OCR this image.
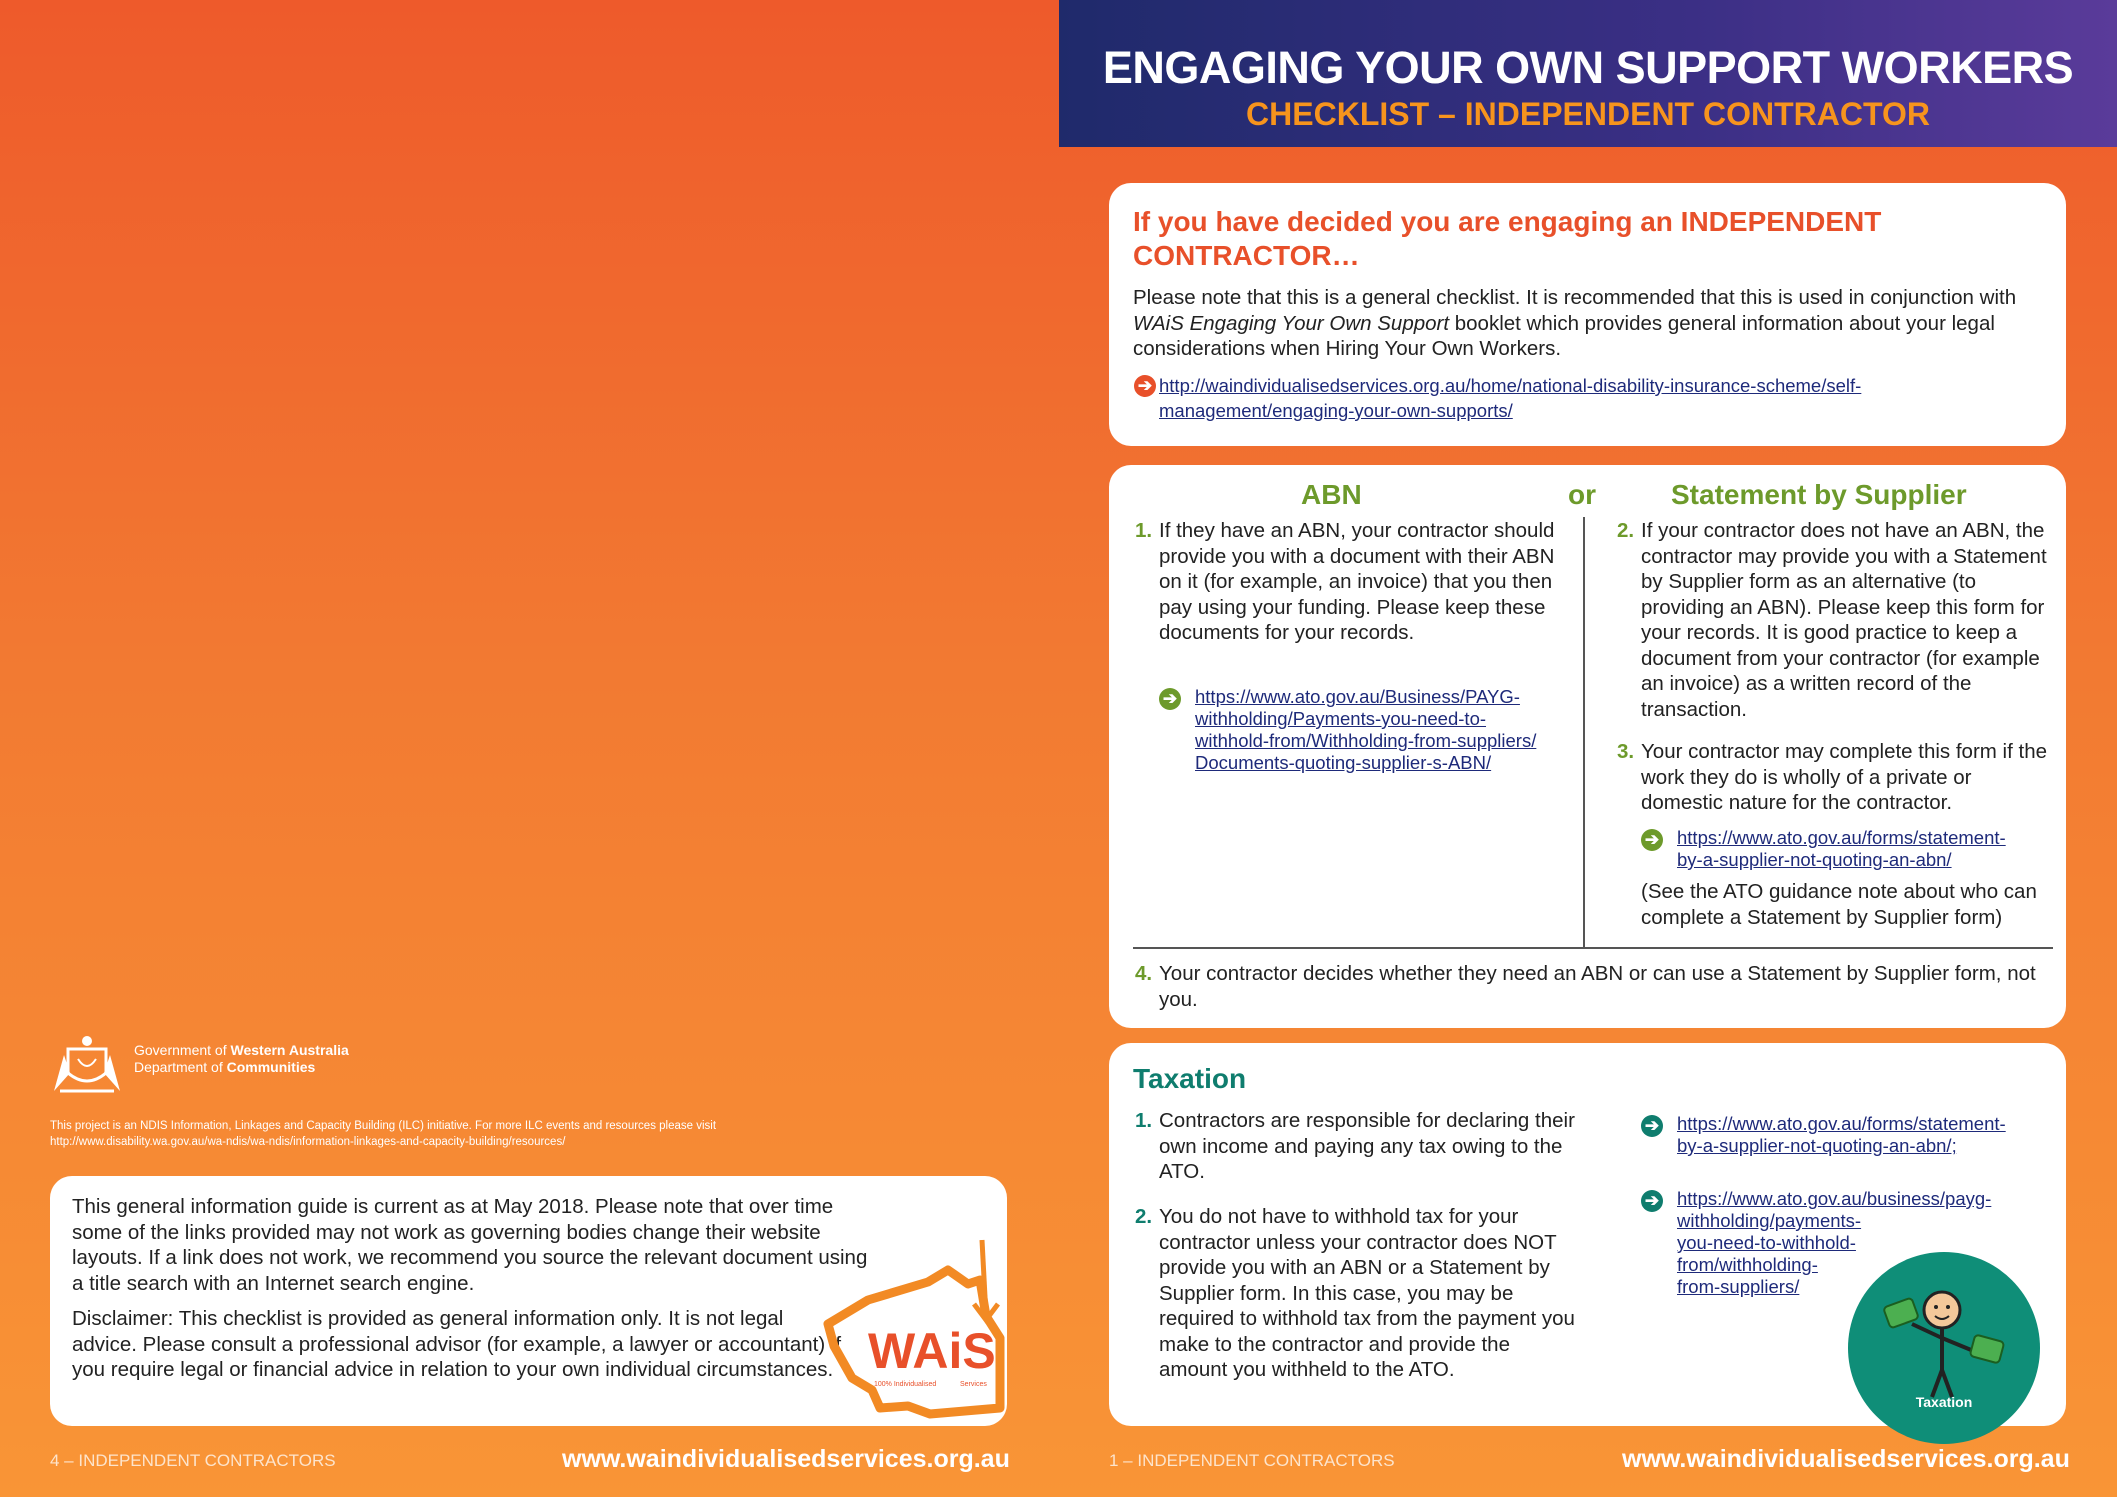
ENGAGING YOUR OWN SUPPORT WORKERS
CHECKLIST – INDEPENDENT CONTRACTOR
If you have decided you are engaging an INDEPENDENT CONTRACTOR…
Please note that this is a general checklist. It is recommended that this is used in conjunction with WAiS Engaging Your Own Support booklet which provides general information about your legal considerations when Hiring Your Own Workers.
➔ http://waindividualisedservices.org.au/home/national-disability-insurance-scheme/self-
management/engaging-your-own-supports/
ABN	or	Statement by Supplier
1. If they have an ABN, your contractor should provide you with a document with their ABN on it (for example, an invoice) that you then pay using your funding. Please keep these documents for your records.
➔ https://www.ato.gov.au/Business/PAYG-
withholding/Payments-you-need-to-
withhold-from/Withholding-from-suppliers/
Documents-quoting-supplier-s-ABN/
2. If your contractor does not have an ABN, the contractor may provide you with a Statement by Supplier form as an alternative (to providing an ABN). Please keep this form for your records. It is good practice to keep a document from your contractor (for example an invoice) as a written record of the transaction.
3. Your contractor may complete this form if the work they do is wholly of a private or domestic nature for the contractor.
➔ https://www.ato.gov.au/forms/statement-
by-a-supplier-not-quoting-an-abn/
(See the ATO guidance note about who can complete a Statement by Supplier form)
4. Your contractor decides whether they need an ABN or can use a Statement by Supplier form, not you.
Taxation
1. Contractors are responsible for declaring their own income and paying any tax owing to the ATO.
2. You do not have to withhold tax for your contractor unless your contractor does NOT provide you with an ABN or a Statement by Supplier form. In this case, you may be required to withhold tax from the payment you make to the contractor and provide the amount you withheld to the ATO.
➔ https://www.ato.gov.au/forms/statement-
by-a-supplier-not-quoting-an-abn/;
➔ https://www.ato.gov.au/business/payg-
withholding/payments-
you-need-to-withhold-
from/withholding-
from-suppliers/
Taxation
Government of Western Australia
Department of Communities
This project is an NDIS Information, Linkages and Capacity Building (ILC) initiative. For more ILC events and resources please visit
http://www.disability.wa.gov.au/wa-ndis/wa-ndis/information-linkages-and-capacity-building/resources/
This general information guide is current as at May 2018. Please note that over time some of the links provided may not work as governing bodies change their website layouts. If a link does not work, we recommend you source the relevant document using a title search with an Internet search engine.
Disclaimer: This checklist is provided as general information only. It is not legal advice. Please consult a professional advisor (for example, a lawyer or accountant) if you require legal or financial advice in relation to your own individual circumstances. WAiS
100% Individualised	Services
4 – INDEPENDENT CONTRACTORS	www.waindividualisedservices.org.au	1 – INDEPENDENT CONTRACTORS	www.waindividualisedservices.org.au
